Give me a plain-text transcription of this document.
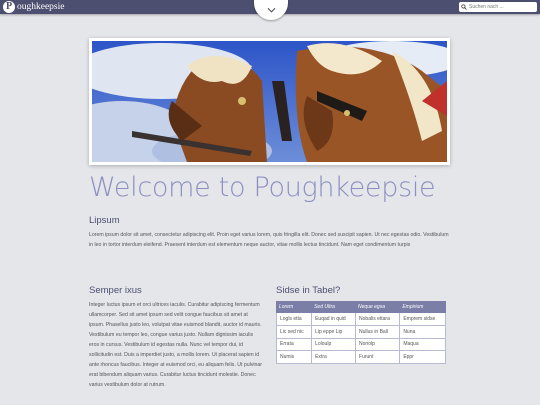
P oughkeepsie
Suchen nach ...
Welcome to Poughkeepsie
Lipsum
Lorem ipsum dolor sit amet, consectetur adipiscing elit. Proin eget varius lorem, quis fringilla elit. Donec sed suscipit sapien. Ut nec egestas odio. Vestibulum in leo in tortor interdum eleifend. Praesent interdum est elementum neque auctor, vitae mollis lectus tincidunt. Nam eget condimentum turpis
Semper ixus
Integer luctus ipsum et orci ultrices iaculis. Curabitur adipiscing fermentum ullamcorper. Sed sit amet ipsum sed velit congue faucibus sit amet at ipsum. Phasellus justo leo, volutpat vitae euismod blandit, auctor id mauris. Vestibulum eu tempor leo, congue varius justo. Nullam dignissim iaculis eros in cursus. Vestibulum id egestas nulla. Nunc vel tempor dui, id sollicitudin est. Duis a imperdiet justo, a mollis lorem. Ut placerat sapien id ante rhoncus faucibus. Integer at euismod orci, eu aliquam felis. Ut pulvinar erat bibendum aliquam varius. Curabitur luctus tincidunt molestie. Donec varius vestibulum dolor at rutrum.
Sidse in Tabel?
Lorem	Sed Ultra	Neque egsa	Empirium
Logls etta	Euqad in quid	Nobalis ettara	Emprem sidse
Lic sed nic	Lip eppe Lip	Nullus in Ball	Nuna
Errata	Loloulp	Nonolp	Maqua
Numis	Extra	Furunt	Eppr
